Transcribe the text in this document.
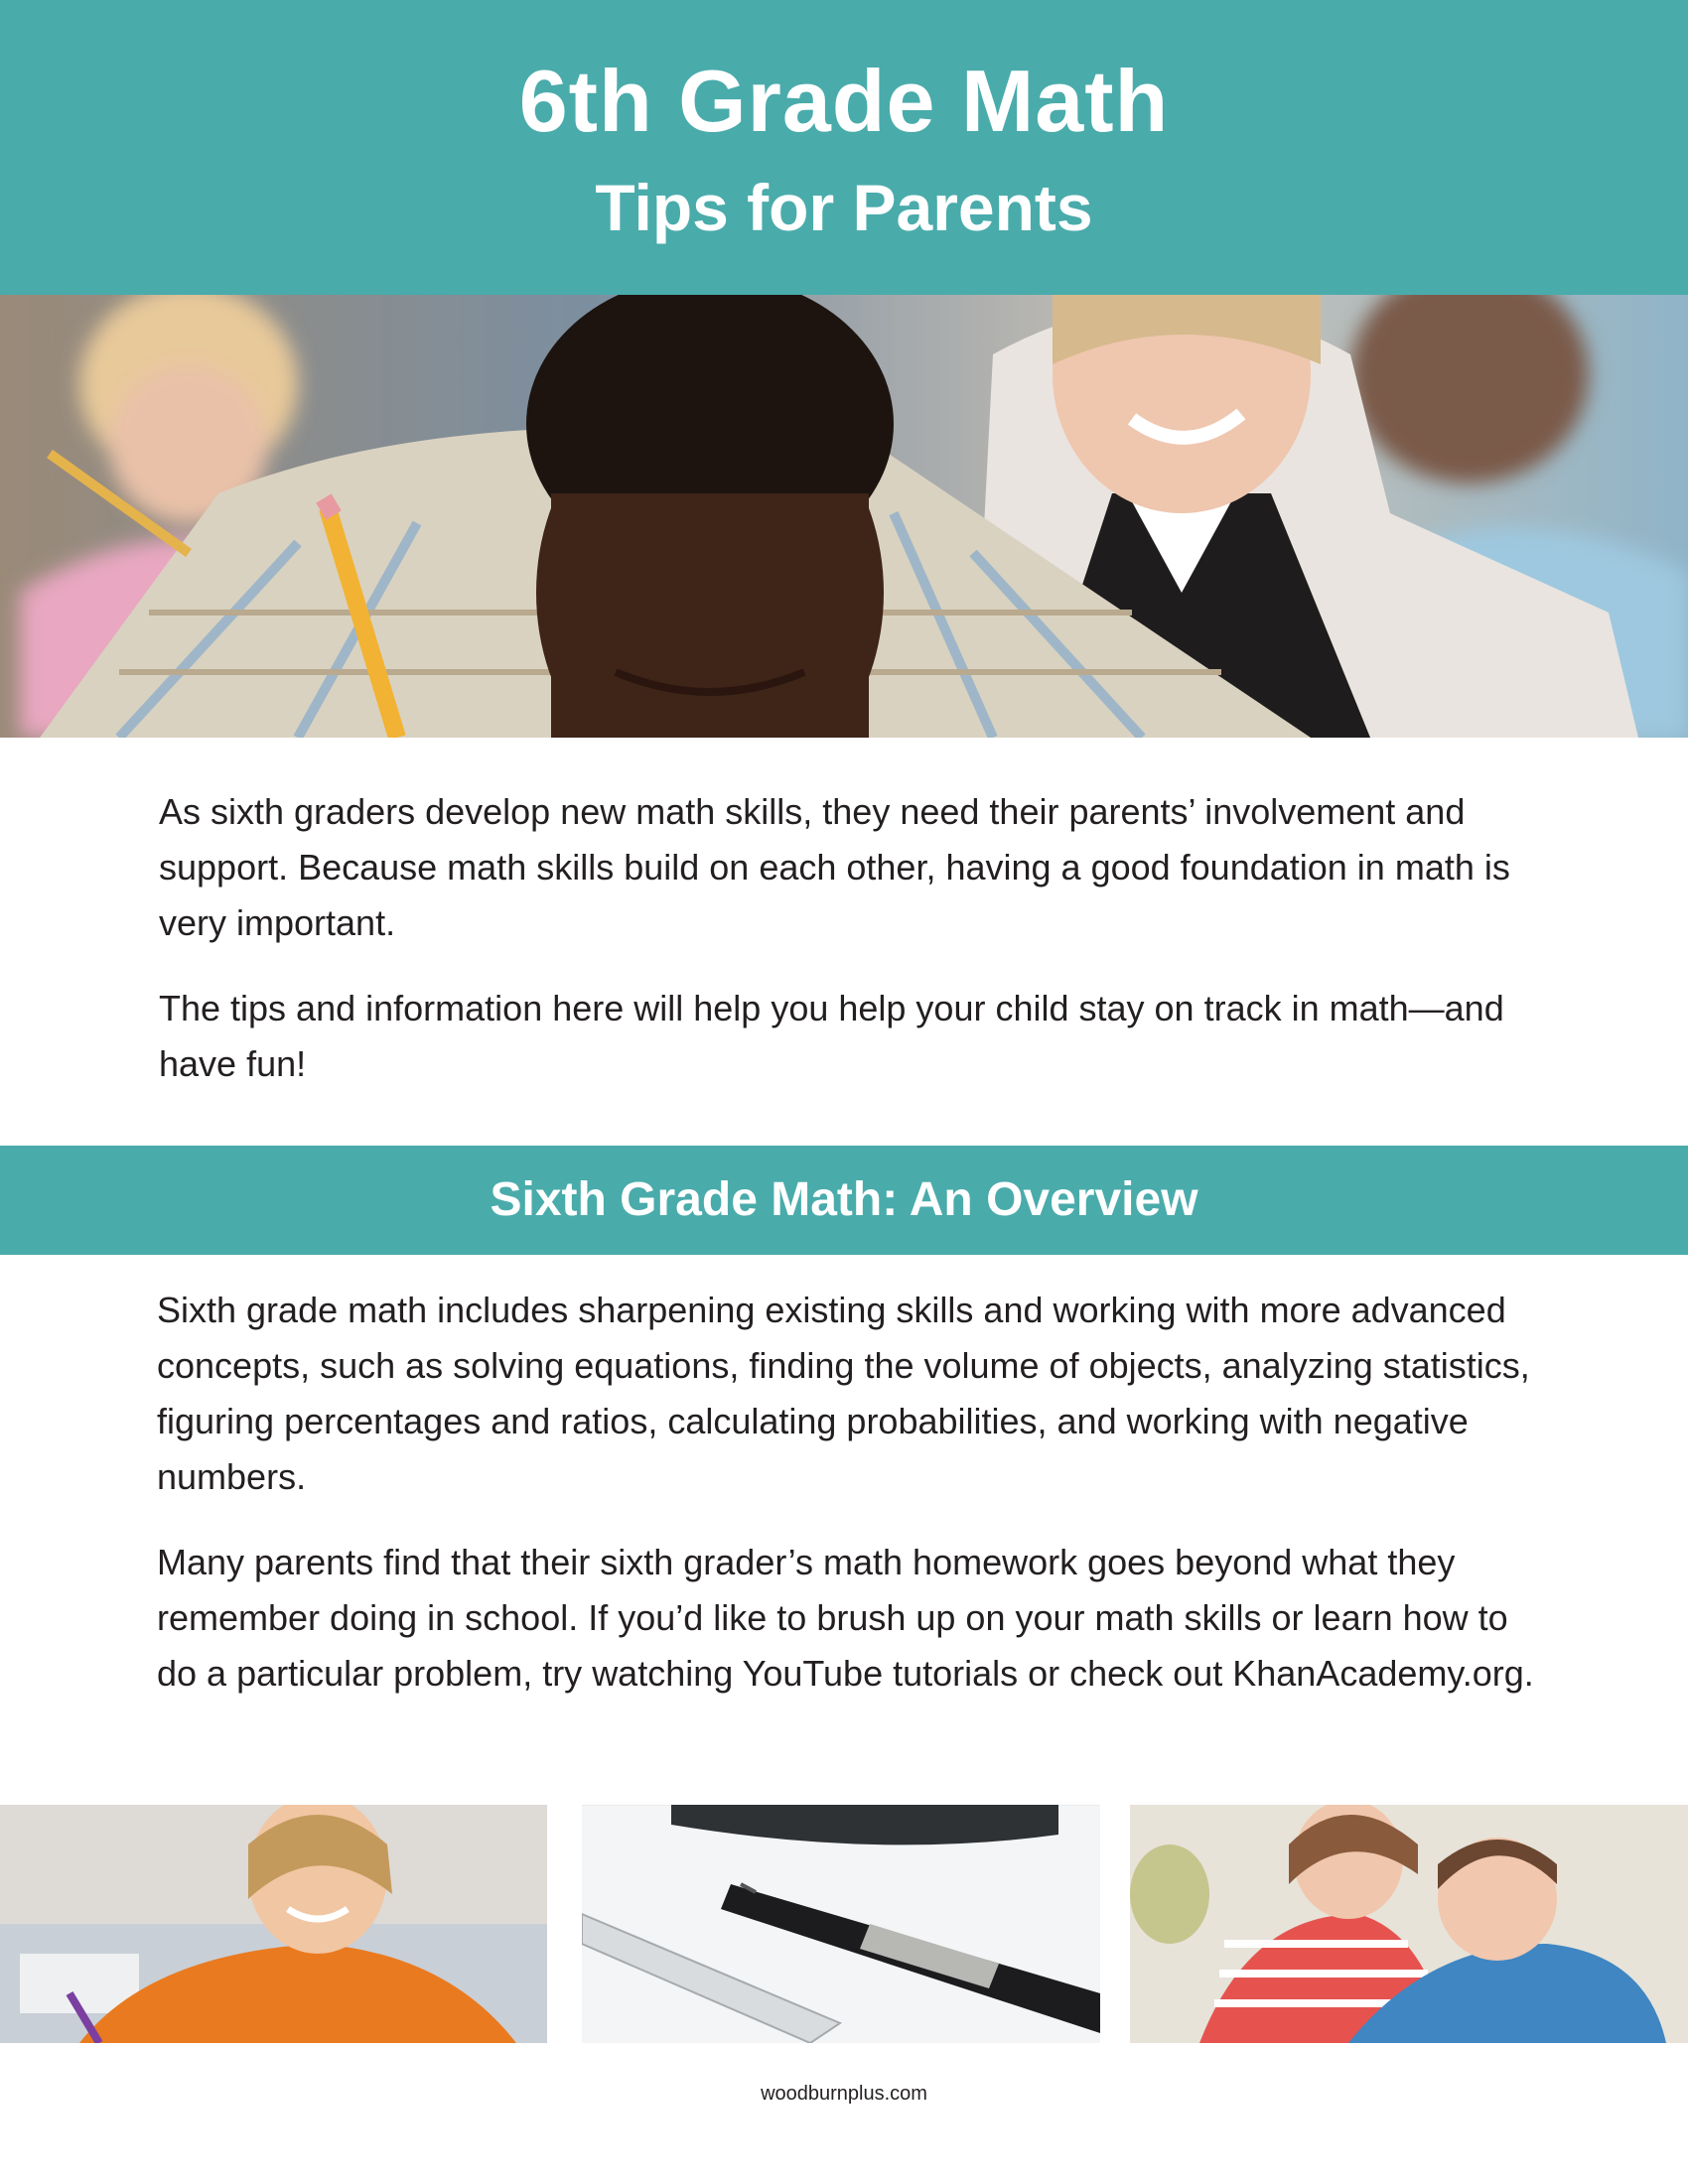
6th Grade Math
Tips for Parents

As sixth graders develop new math skills, they need their parents’ involvement and support. Because math skills build on each other, having a good foundation in math is very important.

The tips and information here will help you help your child stay on track in math—and have fun!

Sixth Grade Math: An Overview

Sixth grade math includes sharpening existing skills and working with more advanced concepts, such as solving equations, finding the volume of objects, analyzing statistics, figuring percentages and ratios, calculating probabilities, and working with negative numbers.

Many parents find that their sixth grader’s math homework goes beyond what they remember doing in school. If you’d like to brush up on your math skills or learn how to do a particular problem, try watching YouTube tutorials or check out KhanAcademy.org.

woodburnplus.com
